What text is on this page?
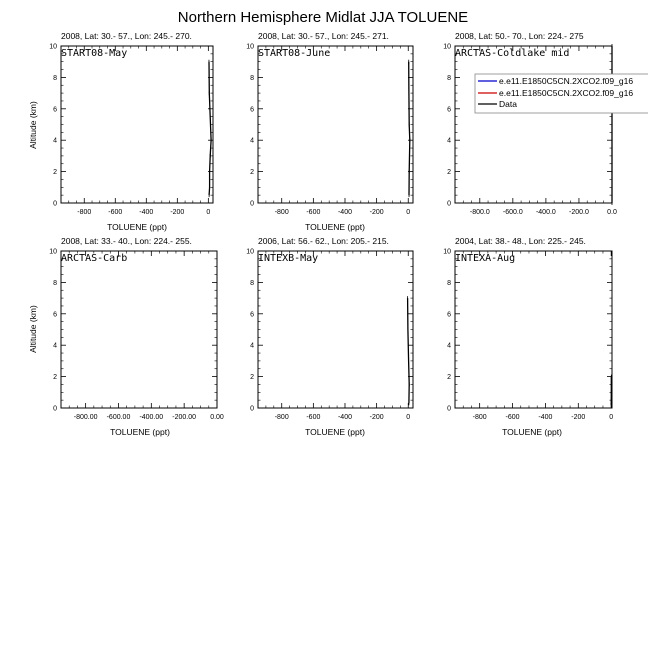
Northern Hemisphere Midlat JJA TOLUENE
2008, Lat: 30.- 57., Lon: 245.- 270.
START08-May
TOLUENE (ppt)
Altitude (km)
0
2
4
6
8
10
-800 -600 -400 -200	0
2008, Lat: 30.- 57., Lon: 245.- 271.
START08-June
TOLUENE (ppt)
0
2
4
6
8
10
-800	-600	-400	-200	0
2008, Lat: 50.- 70., Lon: 224.- 275
ARCTAS-Coldlake mid
0
2
4
6
8
10
-800.0 -600.0 -400.0 -200.0	0.0
2008, Lat: 33.- 40., Lon: 224.- 255.
ARCTAS-Carb
TOLUENE (ppt)
Altitude (km)
0
2
4
6
8
10
-800.00 -600.00 -400.00 -200.00 0.00
2006, Lat: 56.- 62., Lon: 205.- 215.
INTEXB-May
TOLUENE (ppt)
0
2
4
6
8
10
-800	-600	-400	-200	0
2004, Lat: 38.- 48., Lon: 225.- 245.
INTEXA-Aug
TOLUENE (ppt)
0
2
4
6
8
10
-800	-600	-400	-200	0
e.e11.E1850C5CN.2XCO2.f09_g16
e.e11.E1850C5CN.2XCO2.f09_g16
Data
